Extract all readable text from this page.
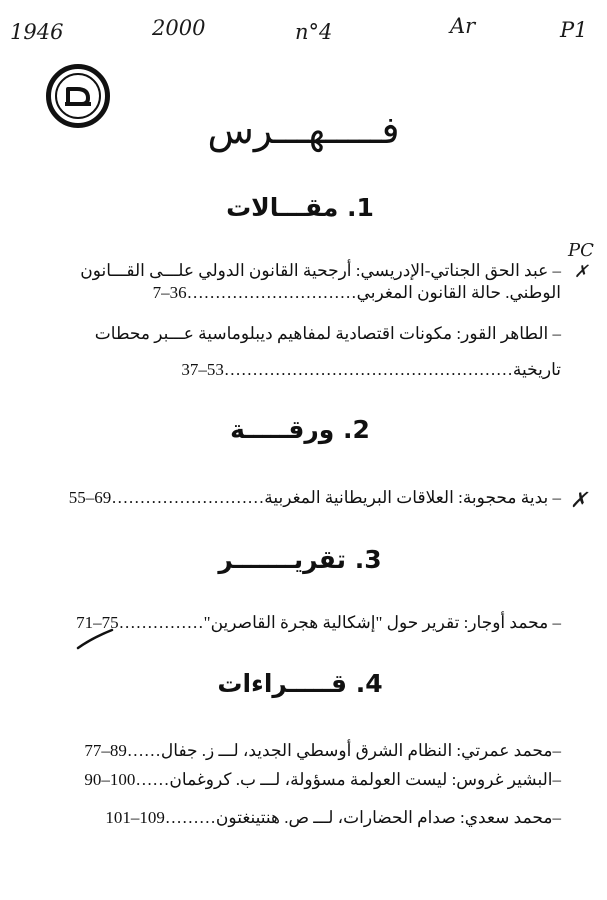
1946	2000	n°4	Ar	P1
PC
✗
✗
فـــــهـــرس
1. مقـــالات
– عبد الحق الجناتي-الإدريسي: أرجحية القانون الدولي علـــى القـــانون
الوطني. حالة القانون المغربي…………………………7–36
– الطاهر القور: مكونات اقتصادية لمفاهيم ديبلوماسية عـــبر محطات
تاريخية……………………………………………37–53
2. ورقـــــة
– بدية محجوبة: العلاقات البريطانية المغربية………………………55–69
3. تقريـــــــر
– محمد أوجار: تقرير حول "إشكالية هجرة القاصرين"……………71–75
4. قـــــراءات
–محمد عمرتي: النظام الشرق أوسطي الجديد، لـــ ز. جفال……77–89
–البشير غروس: ليست العولمة مسؤولة، لـــ ب. كروغمان……90–100
–محمد سعدي: صدام الحضارات، لـــ ص. هنتينغتون………101–109
